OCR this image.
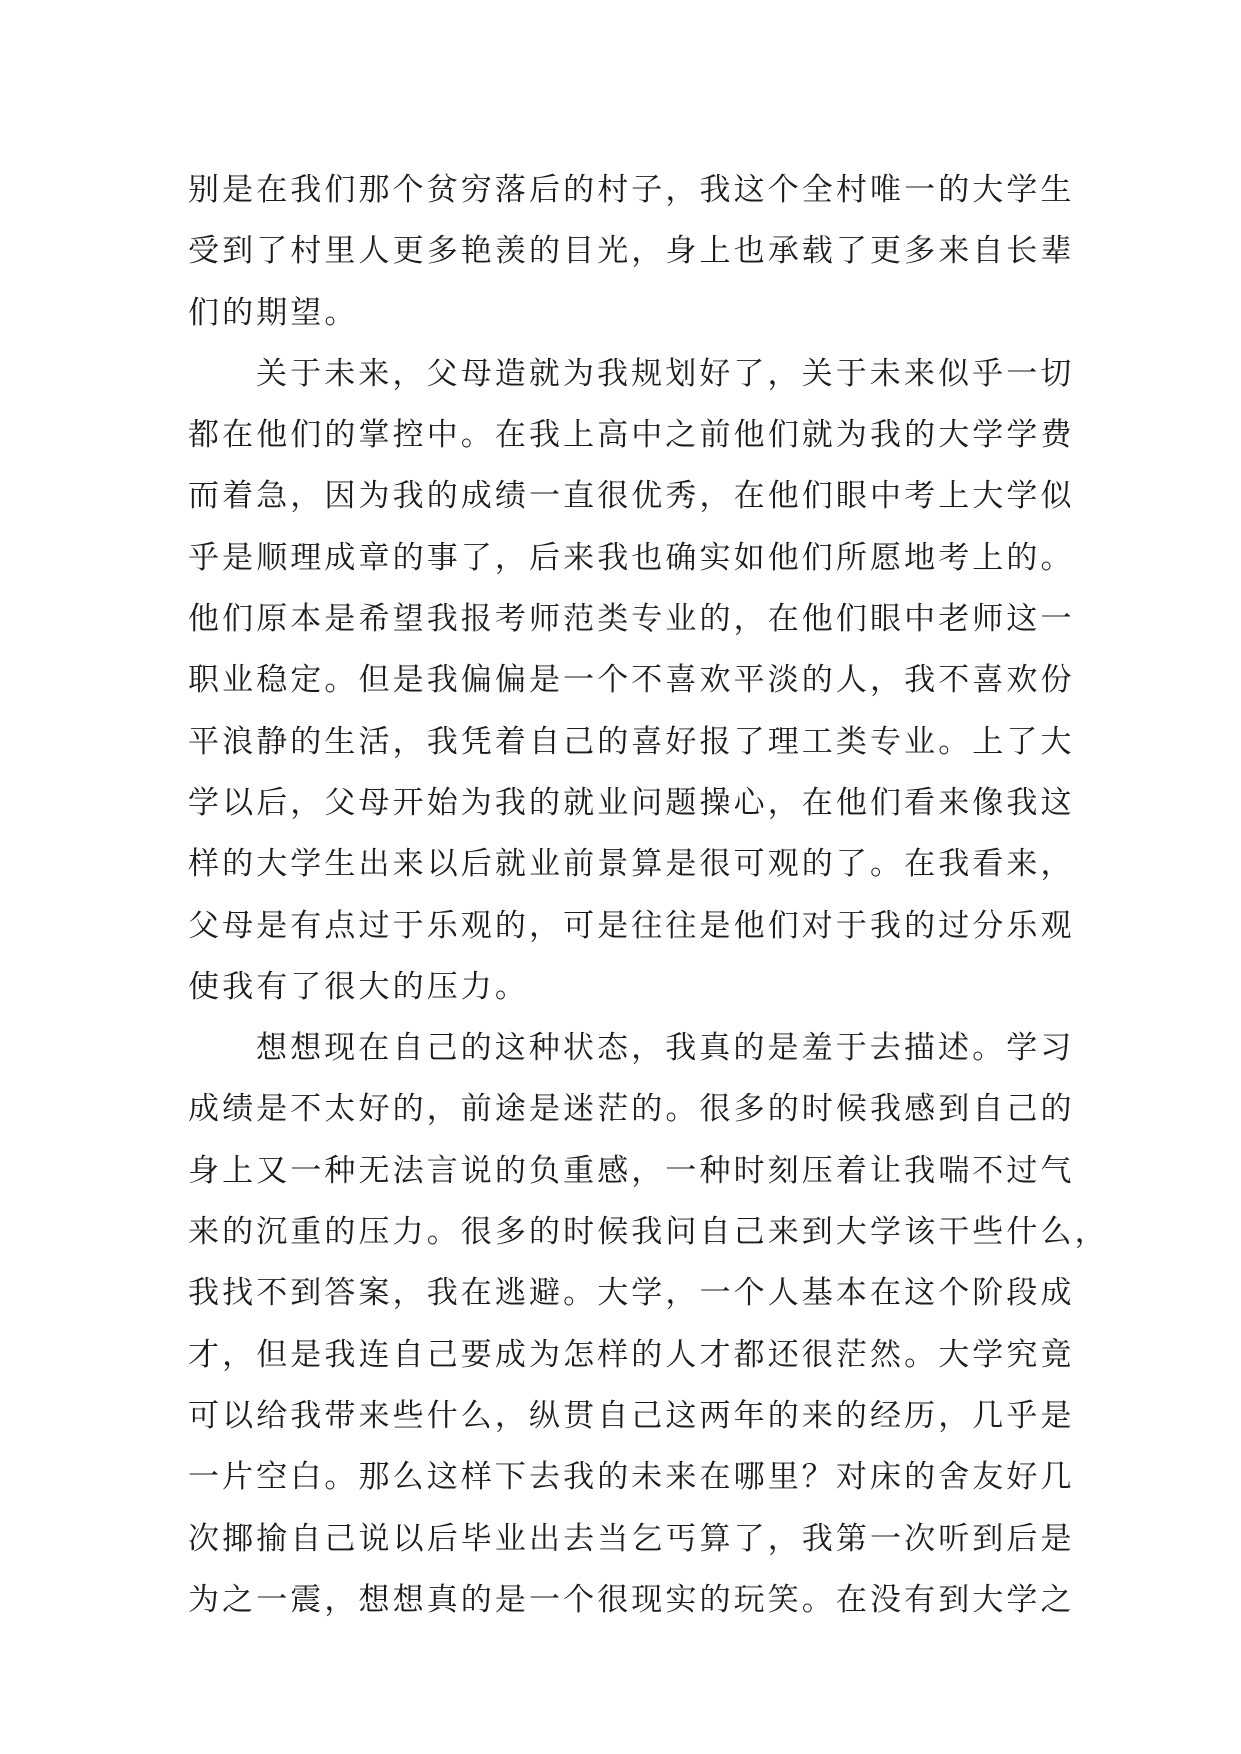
别是在我们那个贫穷落后的村子，我这个全村唯一的大学生
受到了村里人更多艳羡的目光，身上也承载了更多来自长辈
们的期望。
关于未来，父母造就为我规划好了，关于未来似乎一切
都在他们的掌控中。在我上高中之前他们就为我的大学学费
而着急，因为我的成绩一直很优秀，在他们眼中考上大学似
乎是顺理成章的事了，后来我也确实如他们所愿地考上的。
他们原本是希望我报考师范类专业的，在他们眼中老师这一
职业稳定。但是我偏偏是一个不喜欢平淡的人，我不喜欢份
平浪静的生活，我凭着自己的喜好报了理工类专业。上了大
学以后，父母开始为我的就业问题操心，在他们看来像我这
样的大学生出来以后就业前景算是很可观的了。在我看来，
父母是有点过于乐观的，可是往往是他们对于我的过分乐观
使我有了很大的压力。
想想现在自己的这种状态，我真的是羞于去描述。学习
成绩是不太好的，前途是迷茫的。很多的时候我感到自己的
身上又一种无法言说的负重感，一种时刻压着让我喘不过气
来的沉重的压力。很多的时候我问自己来到大学该干些什么，
我找不到答案，我在逃避。大学，一个人基本在这个阶段成
才，但是我连自己要成为怎样的人才都还很茫然。大学究竟
可以给我带来些什么，纵贯自己这两年的来的经历，几乎是
一片空白。那么这样下去我的未来在哪里？对床的舍友好几
次揶揄自己说以后毕业出去当乞丐算了，我第一次听到后是
为之一震，想想真的是一个很现实的玩笑。在没有到大学之
